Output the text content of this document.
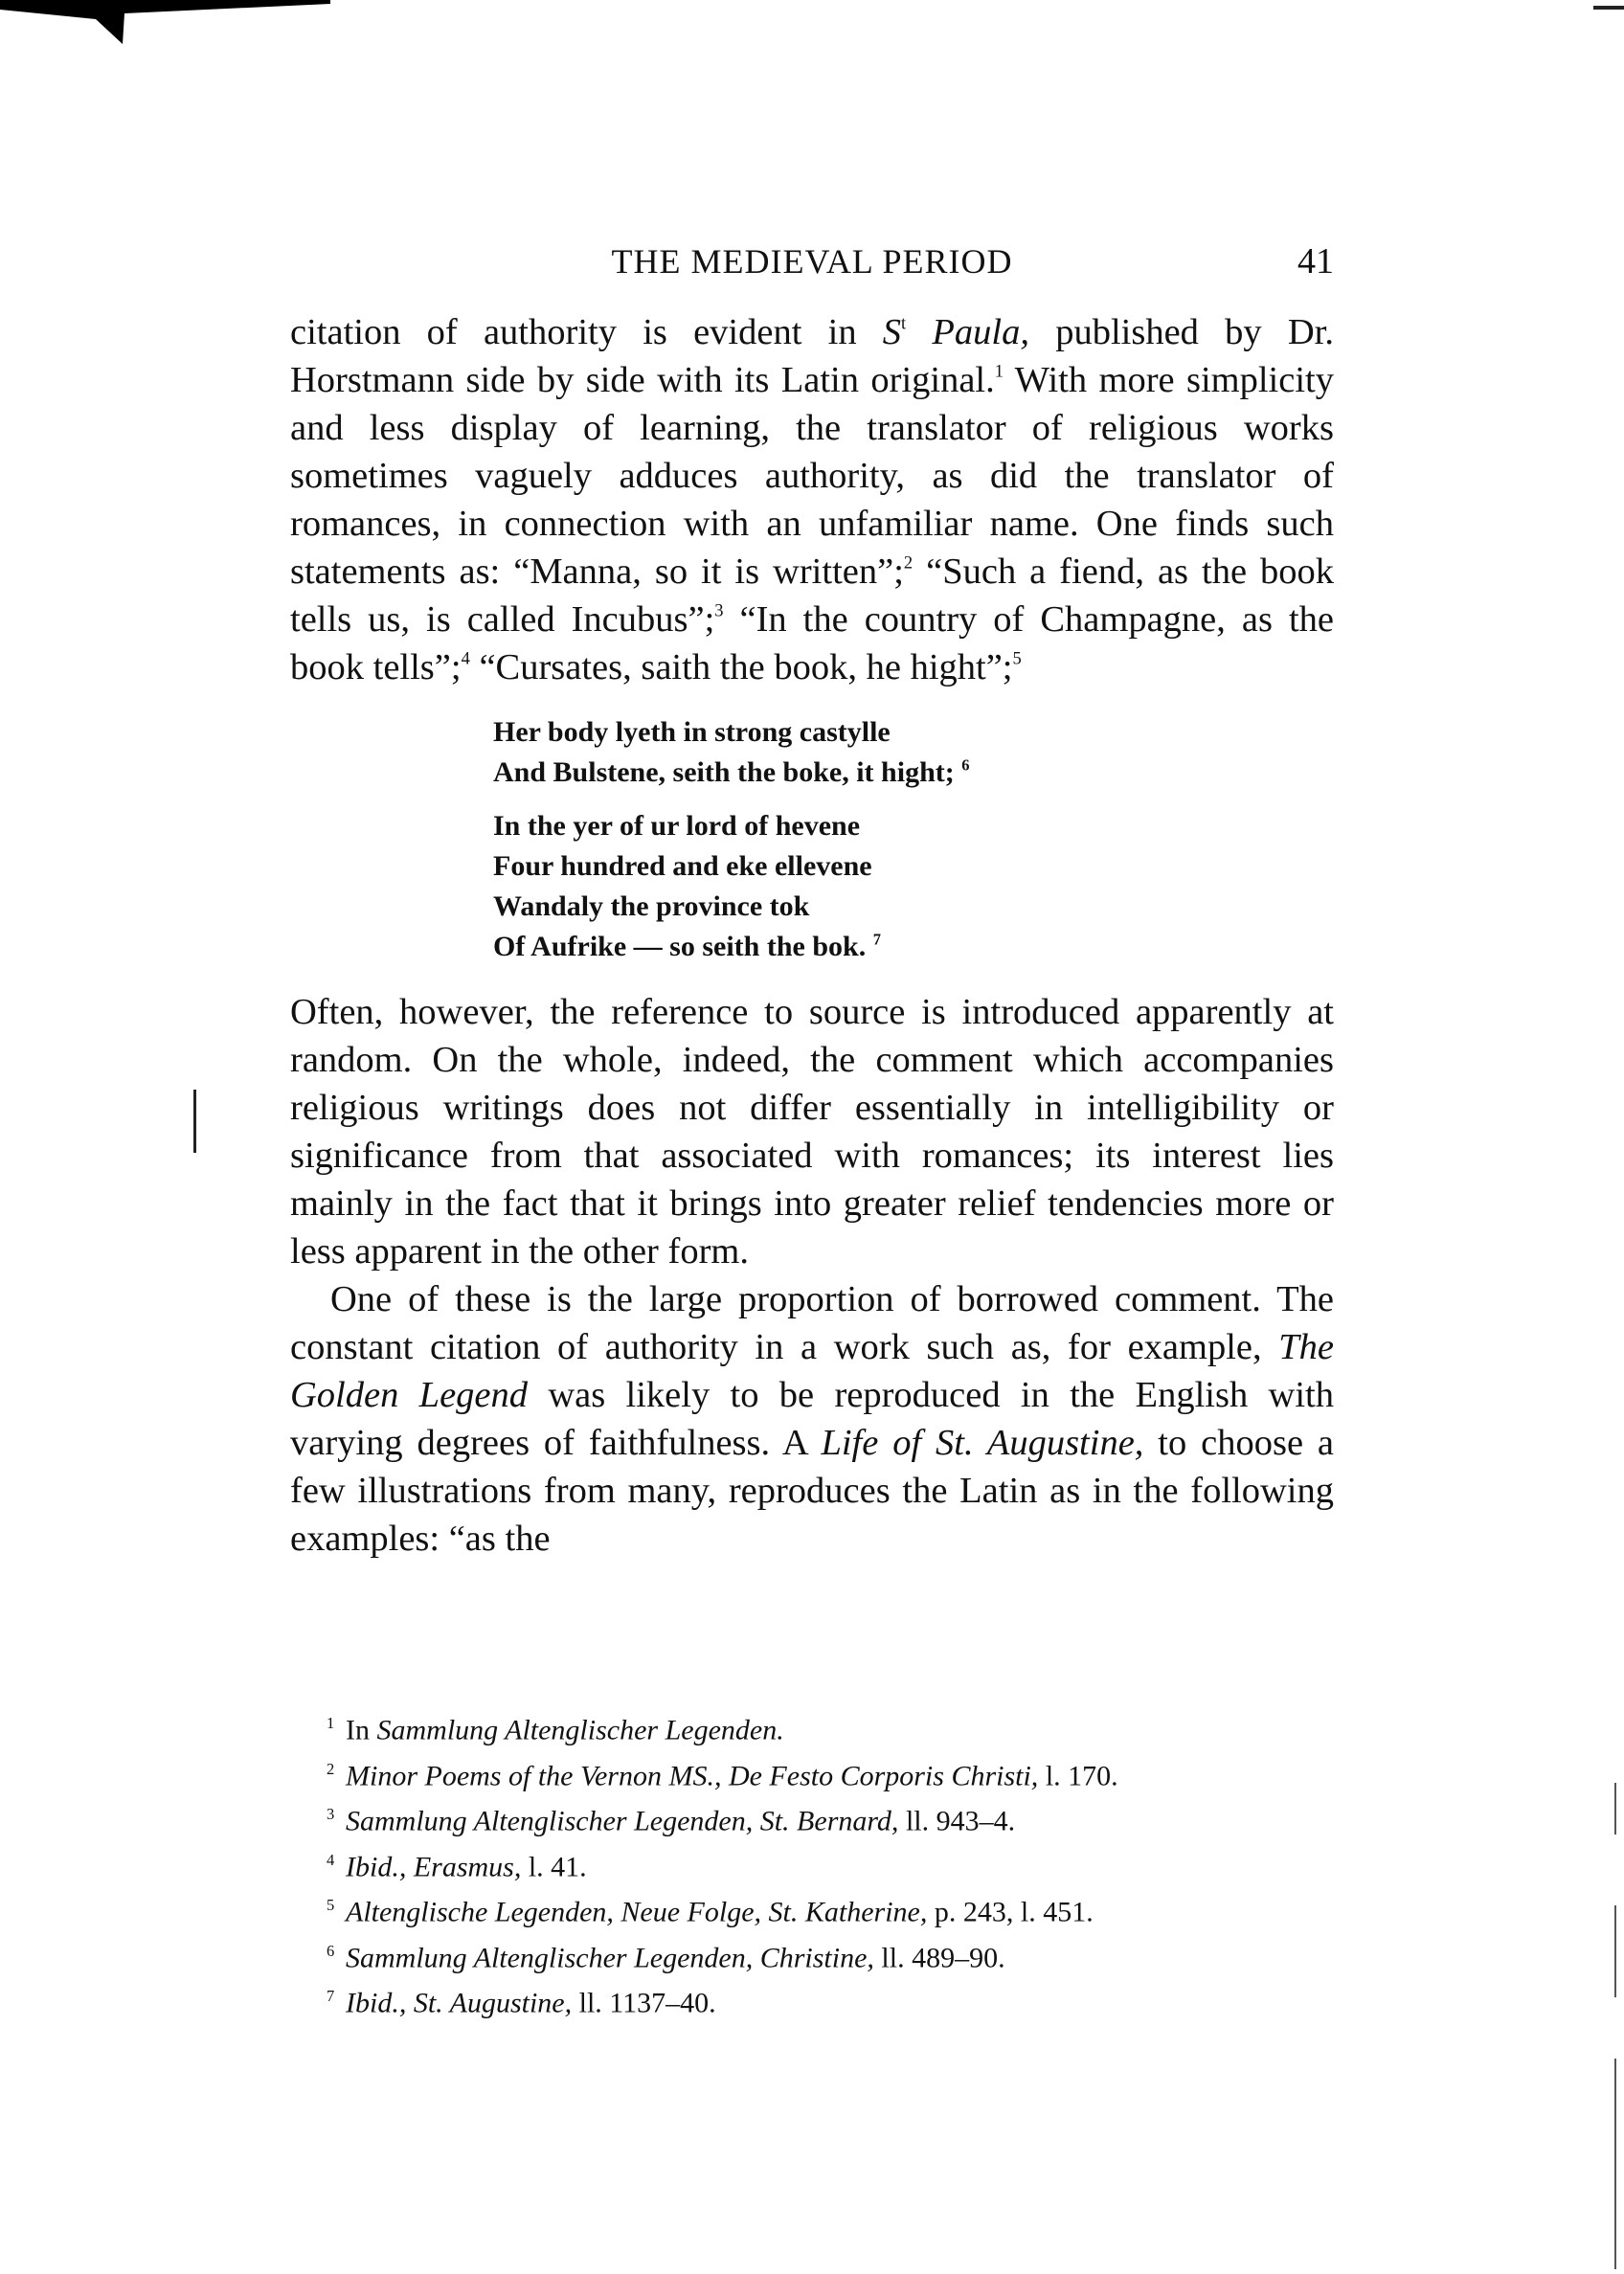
THE MEDIEVAL PERIOD	41

citation of authority is evident in $S^t$ Paula, published by Dr. Horstmann side by side with its Latin original.$^1$ With more simplicity and less display of learning, the translator of religious works sometimes vaguely adduces authority, as did the translator of romances, in connection with an unfamiliar name. One finds such statements as: “Manna, so it is written”;$^2$ “Such a fiend, as the book tells us, is called Incubus”;$^3$ “In the country of Champagne, as the book tells”;$^4$ “Cursates, saith the book, he hight”;$^5$

Her body lyeth in strong castylle
And Bulstene, seith the boke, it hight; $^6$

In the yer of ur lord of hevene
Four hundred and eke ellevene
Wandaly the province tok
Of Aufrike — so seith the bok. $^7$

Often, however, the reference to source is introduced apparently at random. On the whole, indeed, the comment which accompanies religious writings does not differ essentially in intelligibility or significance from that associated with romances; its interest lies mainly in the fact that it brings into greater relief tendencies more or less apparent in the other form.

One of these is the large proportion of borrowed comment. The constant citation of authority in a work such as, for example, The Golden Legend was likely to be reproduced in the English with varying degrees of faithfulness. A Life of St. Augustine, to choose a few illustrations from many, reproduces the Latin as in the following examples: “as the

1 In Sammlung Altenglischer Legenden.
2 Minor Poems of the Vernon MS., De Festo Corporis Christi, l. 170.
3 Sammlung Altenglischer Legenden, St. Bernard, ll. 943–4.
4 Ibid., Erasmus, l. 41.
5 Altenglische Legenden, Neue Folge, St. Katherine, p. 243, l. 451.
6 Sammlung Altenglischer Legenden, Christine, ll. 489–90.
7 Ibid., St. Augustine, ll. 1137–40.
